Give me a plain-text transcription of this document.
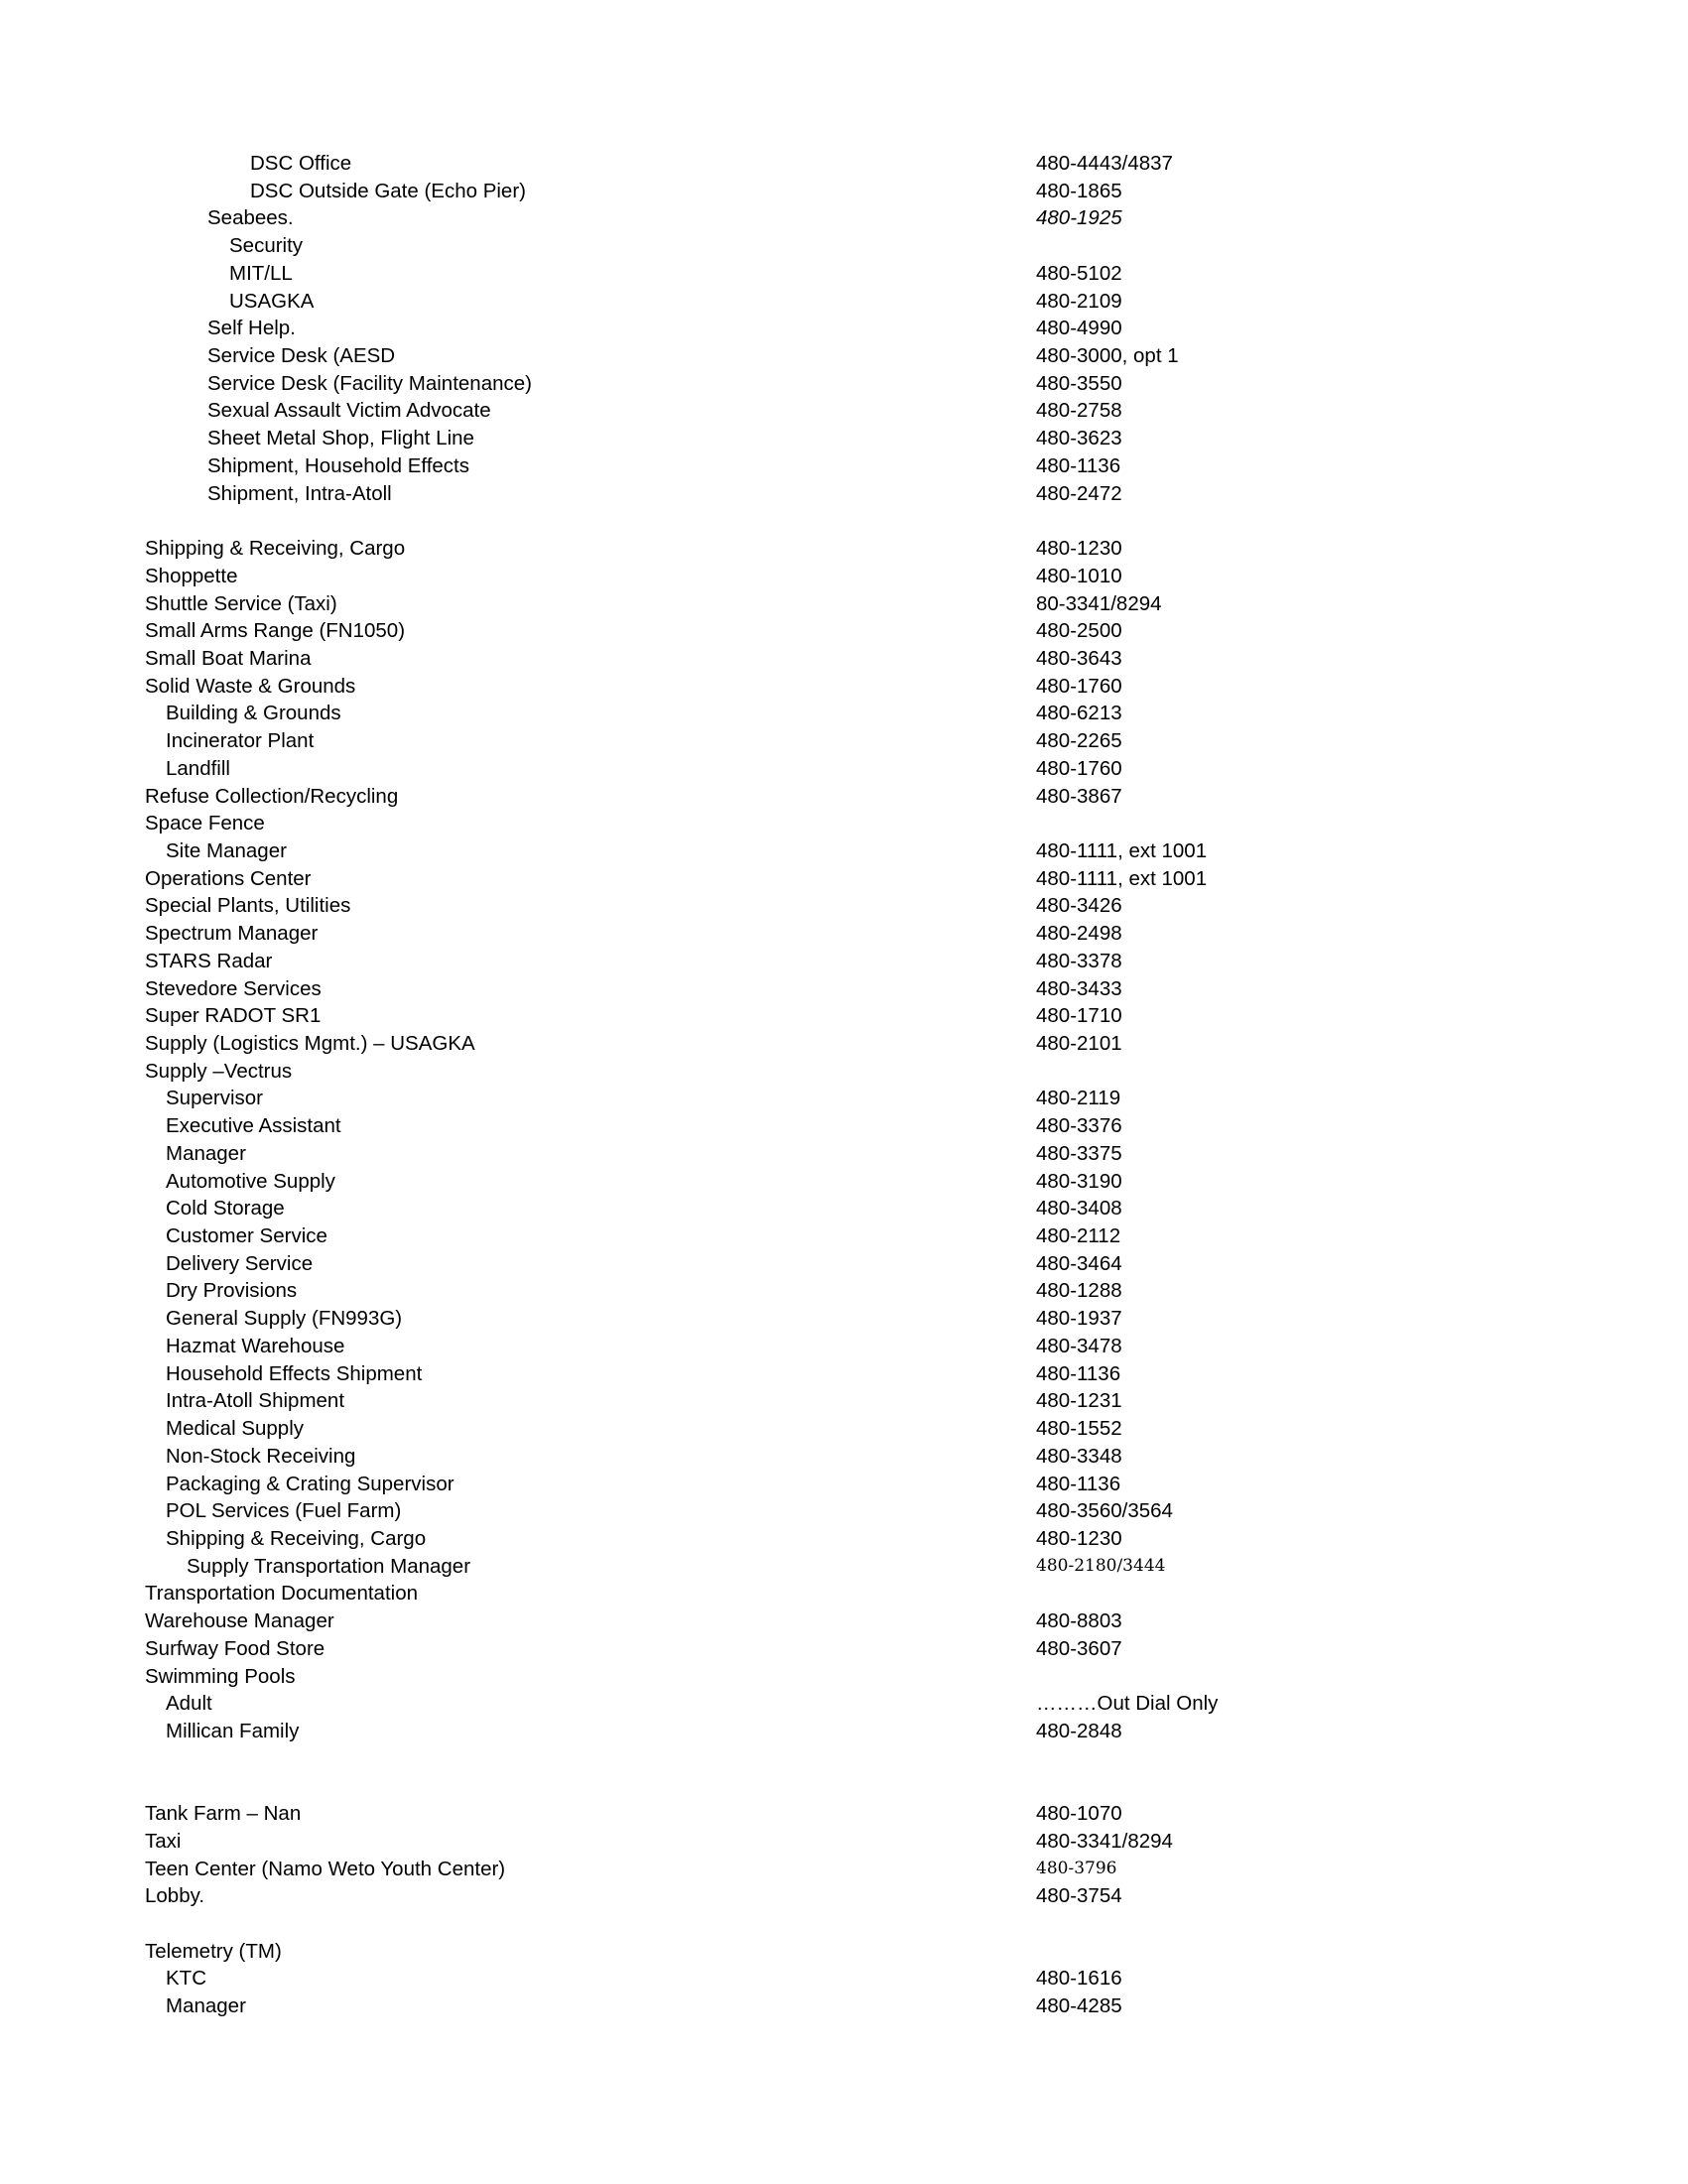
DSC Office	480-4443/4837
DSC Outside Gate (Echo Pier)	480-1865
Seabees.	480-1925
Security
MIT/LL	480-5102
USAGKA	480-2109
Self Help.	480-4990
Service Desk (AESD	480-3000, opt 1
Service Desk (Facility Maintenance)	480-3550
Sexual Assault Victim Advocate	480-2758
Sheet Metal Shop, Flight Line	480-3623
Shipment, Household Effects	480-1136
Shipment, Intra-Atoll	480-2472
Shipping & Receiving, Cargo	480-1230
Shoppette	480-1010
Shuttle Service (Taxi)	80-3341/8294
Small Arms Range (FN1050)	480-2500
Small Boat Marina	480-3643
Solid Waste & Grounds	480-1760
Building & Grounds	480-6213
Incinerator Plant	480-2265
Landfill	480-1760
Refuse Collection/Recycling	480-3867
Space Fence
Site Manager	480-1111, ext 1001
Operations Center	480-1111, ext 1001
Special Plants, Utilities	480-3426
Spectrum Manager	480-2498
STARS Radar	480-3378
Stevedore Services	480-3433
Super RADOT SR1	480-1710
Supply (Logistics Mgmt.) – USAGKA	480-2101
Supply –Vectrus
Supervisor	480-2119
Executive Assistant	480-3376
Manager	480-3375
Automotive Supply	480-3190
Cold Storage	480-3408
Customer Service	480-2112
Delivery Service	480-3464
Dry Provisions	480-1288
General Supply (FN993G)	480-1937
Hazmat Warehouse	480-3478
Household Effects Shipment	480-1136
Intra-Atoll Shipment	480-1231
Medical Supply	480-1552
Non-Stock Receiving	480-3348
Packaging & Crating Supervisor	480-1136
POL Services (Fuel Farm)	480-3560/3564
Shipping & Receiving, Cargo	480-1230
Supply Transportation Manager	480-2180/3444
Transportation Documentation
Warehouse Manager	480-8803
Surfway Food Store	480-3607
Swimming Pools
Adult	………Out Dial Only
Millican Family	480-2848
Tank Farm – Nan	480-1070
Taxi	480-3341/8294
Teen Center (Namo Weto Youth Center)	480-3796
Lobby.	480-3754
Telemetry (TM)
KTC	480-1616
Manager	480-4285
